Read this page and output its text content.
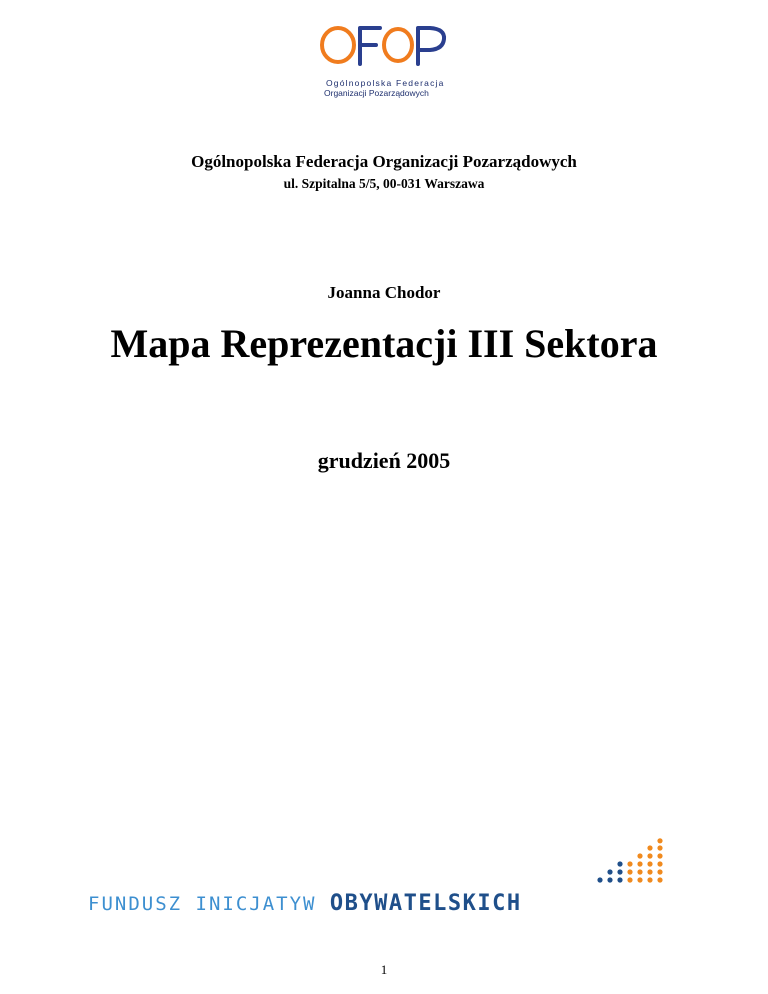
Ogólnopolska Federacja
Organizacji Pozarządowych
Ogólnopolska Federacja Organizacji Pozarządowych
ul. Szpitalna 5/5, 00-031 Warszawa
Joanna Chodor
Mapa Reprezentacji III Sektora
grudzień 2005
FUNDUSZ INICJATYW OBYWATELSKICH
1
